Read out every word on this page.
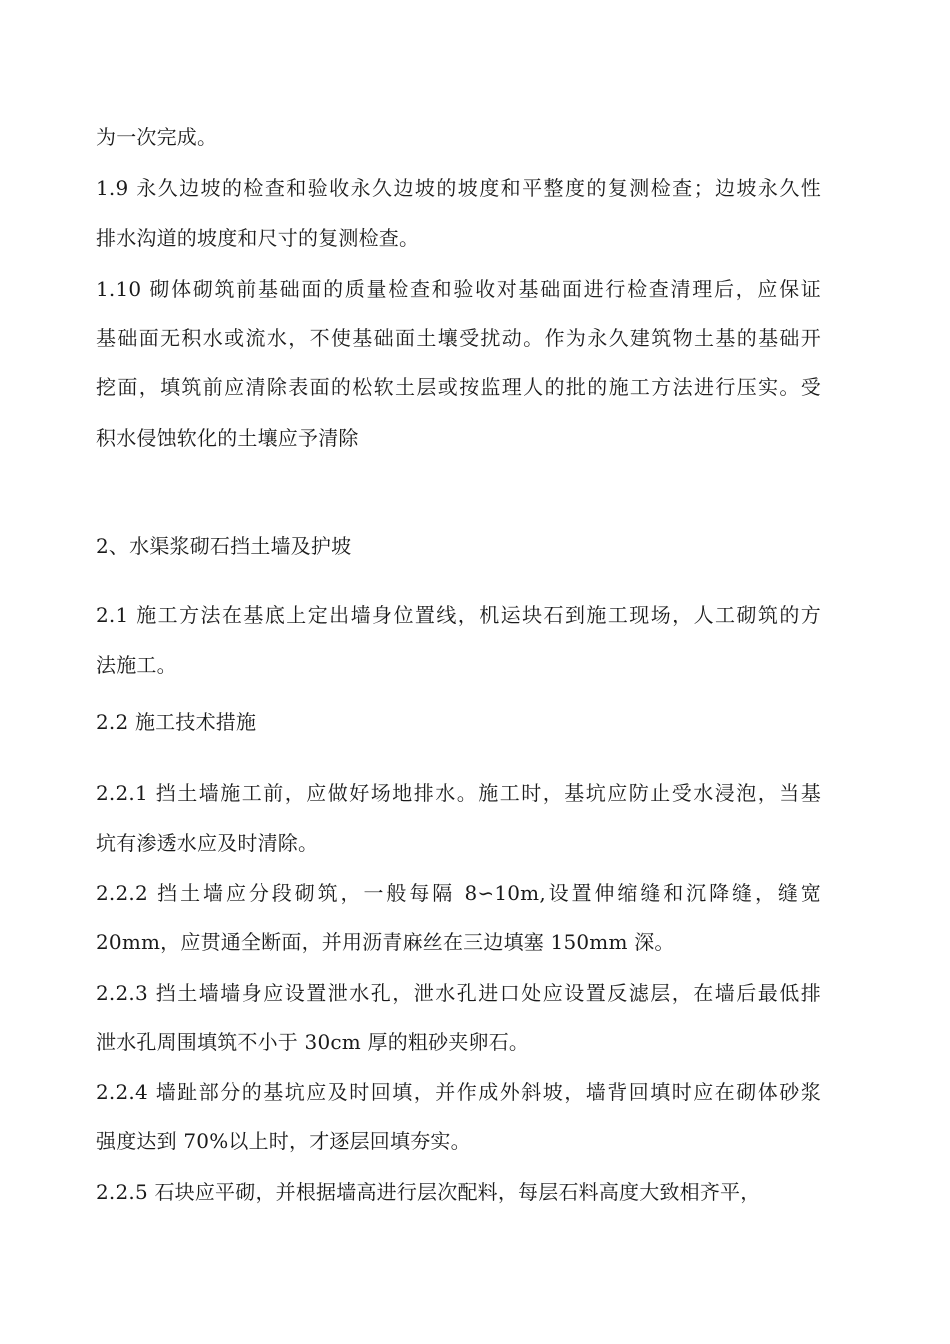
为一次完成。
1.9 永久边坡的检查和验收永久边坡的坡度和平整度的复测检查；边坡永久性
排水沟道的坡度和尺寸的复测检查。
1.10 砌体砌筑前基础面的质量检查和验收对基础面进行检查清理后，应保证
基础面无积水或流水，不使基础面土壤受扰动。作为永久建筑物土基的基础开
挖面，填筑前应清除表面的松软土层或按监理人的批的施工方法进行压实。受
积水侵蚀软化的土壤应予清除
2、水渠浆砌石挡土墙及护坡
2.1 施工方法在基底上定出墙身位置线，机运块石到施工现场，人工砌筑的方
法施工。
2.2 施工技术措施
2.2.1 挡土墙施工前，应做好场地排水。施工时，基坑应防止受水浸泡，当基
坑有渗透水应及时清除。
2.2.2 挡土墙应分段砌筑，一般每隔 8∽10m,设置伸缩缝和沉降缝，缝宽
20mm，应贯通全断面，并用沥青麻丝在三边填塞 150mm 深。
2.2.3 挡土墙墙身应设置泄水孔，泄水孔进口处应设置反滤层，在墙后最低排
泄水孔周围填筑不小于 30cm 厚的粗砂夹卵石。
2.2.4 墙趾部分的基坑应及时回填，并作成外斜坡，墙背回填时应在砌体砂浆
强度达到 70%以上时，才逐层回填夯实。
2.2.5 石块应平砌，并根据墙高进行层次配料，每层石料高度大致相齐平，
